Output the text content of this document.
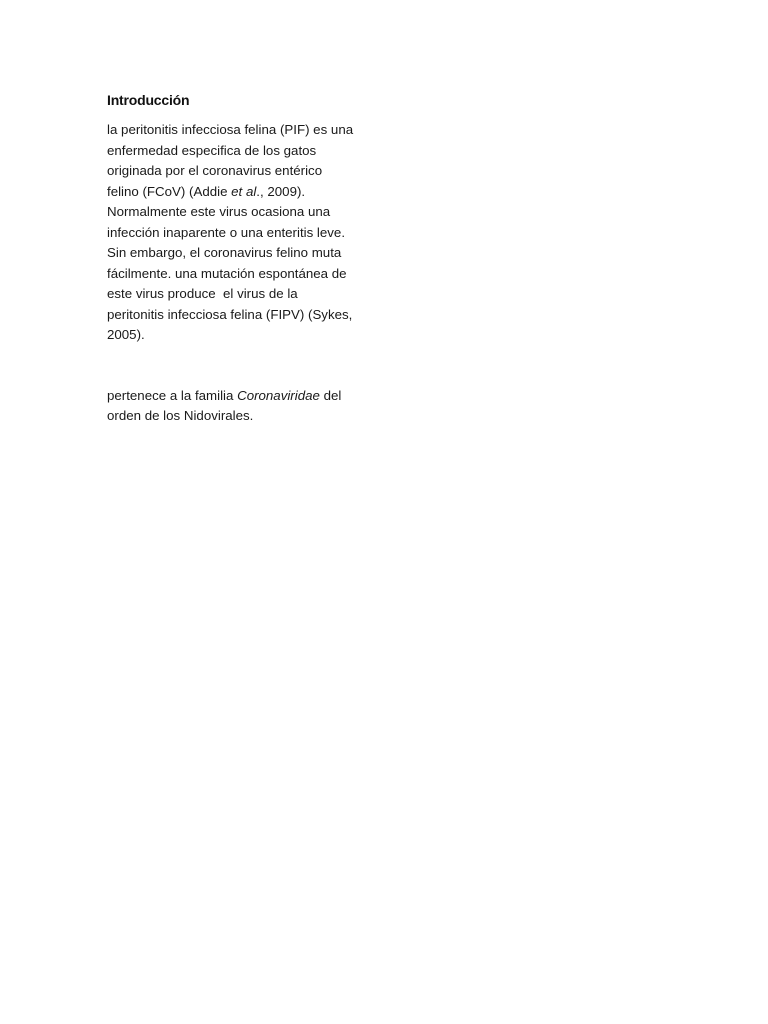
Introducción

la peritonitis infecciosa felina (PIF) es una
enfermedad especifica de los gatos
originada por el coronavirus entérico
felino (FCoV) (Addie et al., 2009).
Normalmente este virus ocasiona una
infección inaparente o una enteritis leve.
Sin embargo, el coronavirus felino muta
fácilmente. una mutación espontánea de
este virus produce  el virus de la
peritonitis infecciosa felina (FIPV) (Sykes,
2005).

pertenece a la familia Coronaviridae del
orden de los Nidovirales.
